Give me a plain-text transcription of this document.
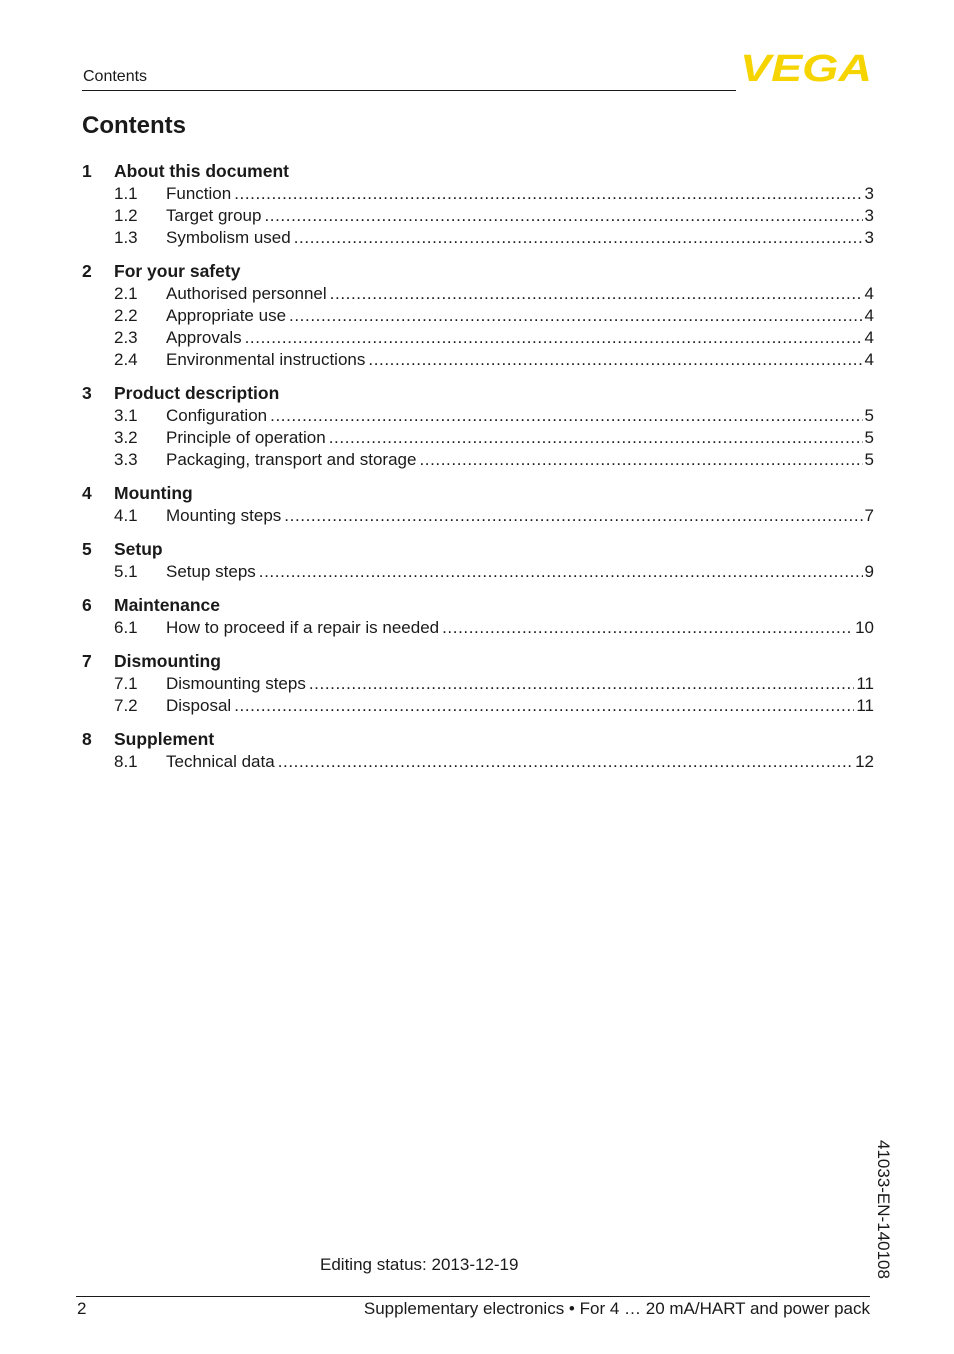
Contents	VEGA
Contents
1	About this document
1.1	Function .....	3
1.2	Target group .....	3
1.3	Symbolism used .....	3
2	For your safety
2.1	Authorised personnel .....	4
2.2	Appropriate use .....	4
2.3	Approvals .....	4
2.4	Environmental instructions .....	4
3	Product description
3.1	Configuration .....	5
3.2	Principle of operation .....	5
3.3	Packaging, transport and storage .....	5
4	Mounting
4.1	Mounting steps .....	7
5	Setup
5.1	Setup steps .....	9
6	Maintenance
6.1	How to proceed if a repair is needed .....	10
7	Dismounting
7.1	Dismounting steps .....	11
7.2	Disposal .....	11
8	Supplement
8.1	Technical data .....	12
Editing status: 2013-12-19	41033-EN-140108
2	Supplementary electronics • For 4 … 20 mA/HART and power pack
